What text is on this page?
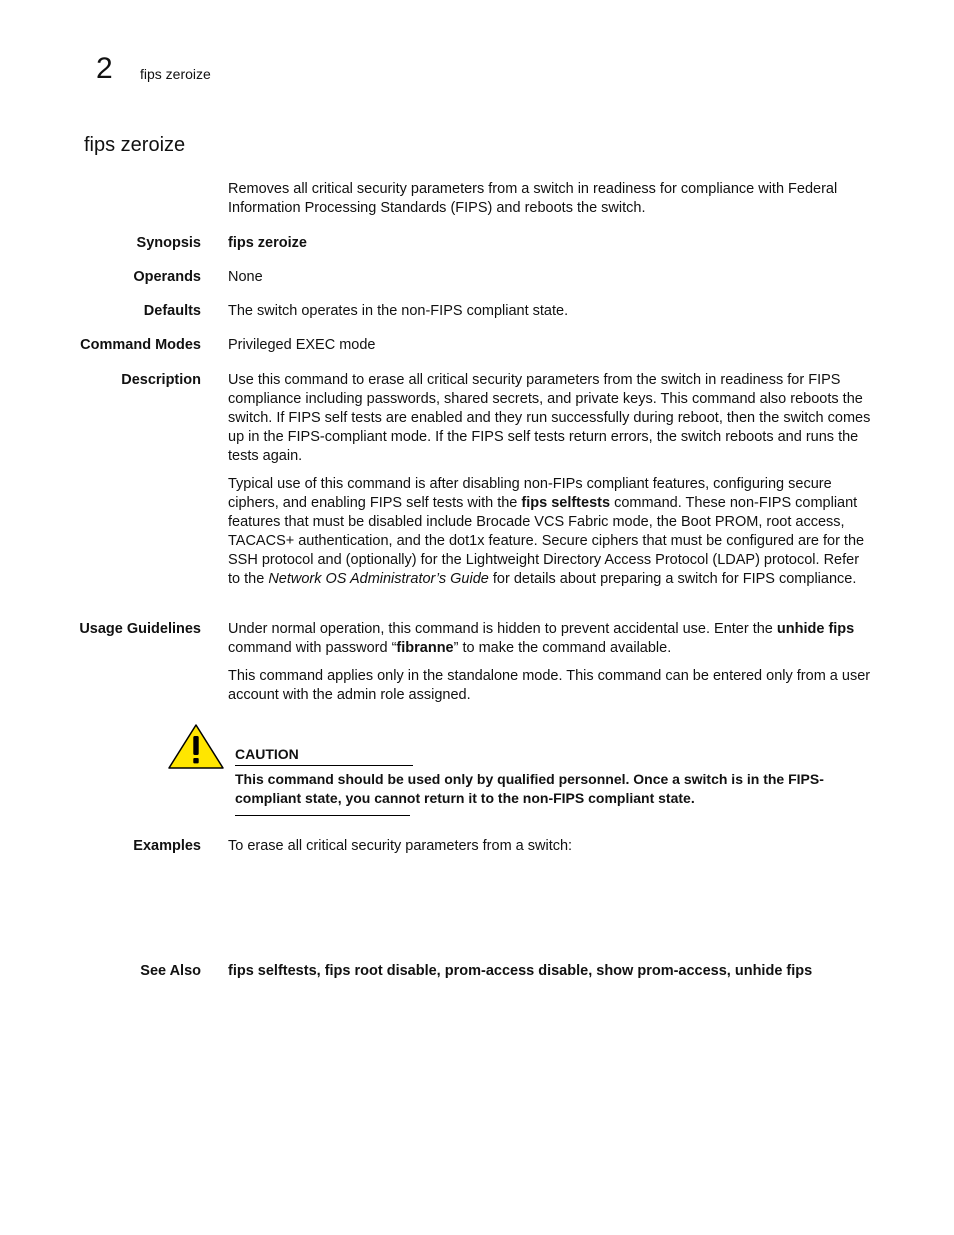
2 fips zeroize
fips zeroize

Removes all critical security parameters from a switch in readiness for compliance with Federal Information Processing Standards (FIPS) and reboots the switch.

Synopsis fips zeroize
Operands None
Defaults The switch operates in the non-FIPS compliant state.
Command Modes Privileged EXEC mode
Description Use this command to erase all critical security parameters from the switch in readiness for FIPS compliance including passwords, shared secrets, and private keys. This command also reboots the switch. If FIPS self tests are enabled and they run successfully during reboot, then the switch comes up in the FIPS-compliant mode. If the FIPS self tests return errors, the switch reboots and runs the tests again.

Typical use of this command is after disabling non-FIPs compliant features, configuring secure ciphers, and enabling FIPS self tests with the fips selftests command. These non-FIPS compliant features that must be disabled include Brocade VCS Fabric mode, the Boot PROM, root access, TACACS+ authentication, and the dot1x feature. Secure ciphers that must be configured are for the SSH protocol and (optionally) for the Lightweight Directory Access Protocol (LDAP) protocol. Refer to the Network OS Administrator’s Guide for details about preparing a switch for FIPS compliance.

Usage Guidelines Under normal operation, this command is hidden to prevent accidental use. Enter the unhide fips command with password “fibranne” to make the command available.

This command applies only in the standalone mode. This command can be entered only from a user account with the admin role assigned.

CAUTION
This command should be used only by qualified personnel. Once a switch is in the FIPS-compliant state, you cannot return it to the non-FIPS compliant state.
Examples To erase all critical security parameters from a switch:
See Also fips selftests, fips root disable, prom-access disable, show prom-access, unhide fips
